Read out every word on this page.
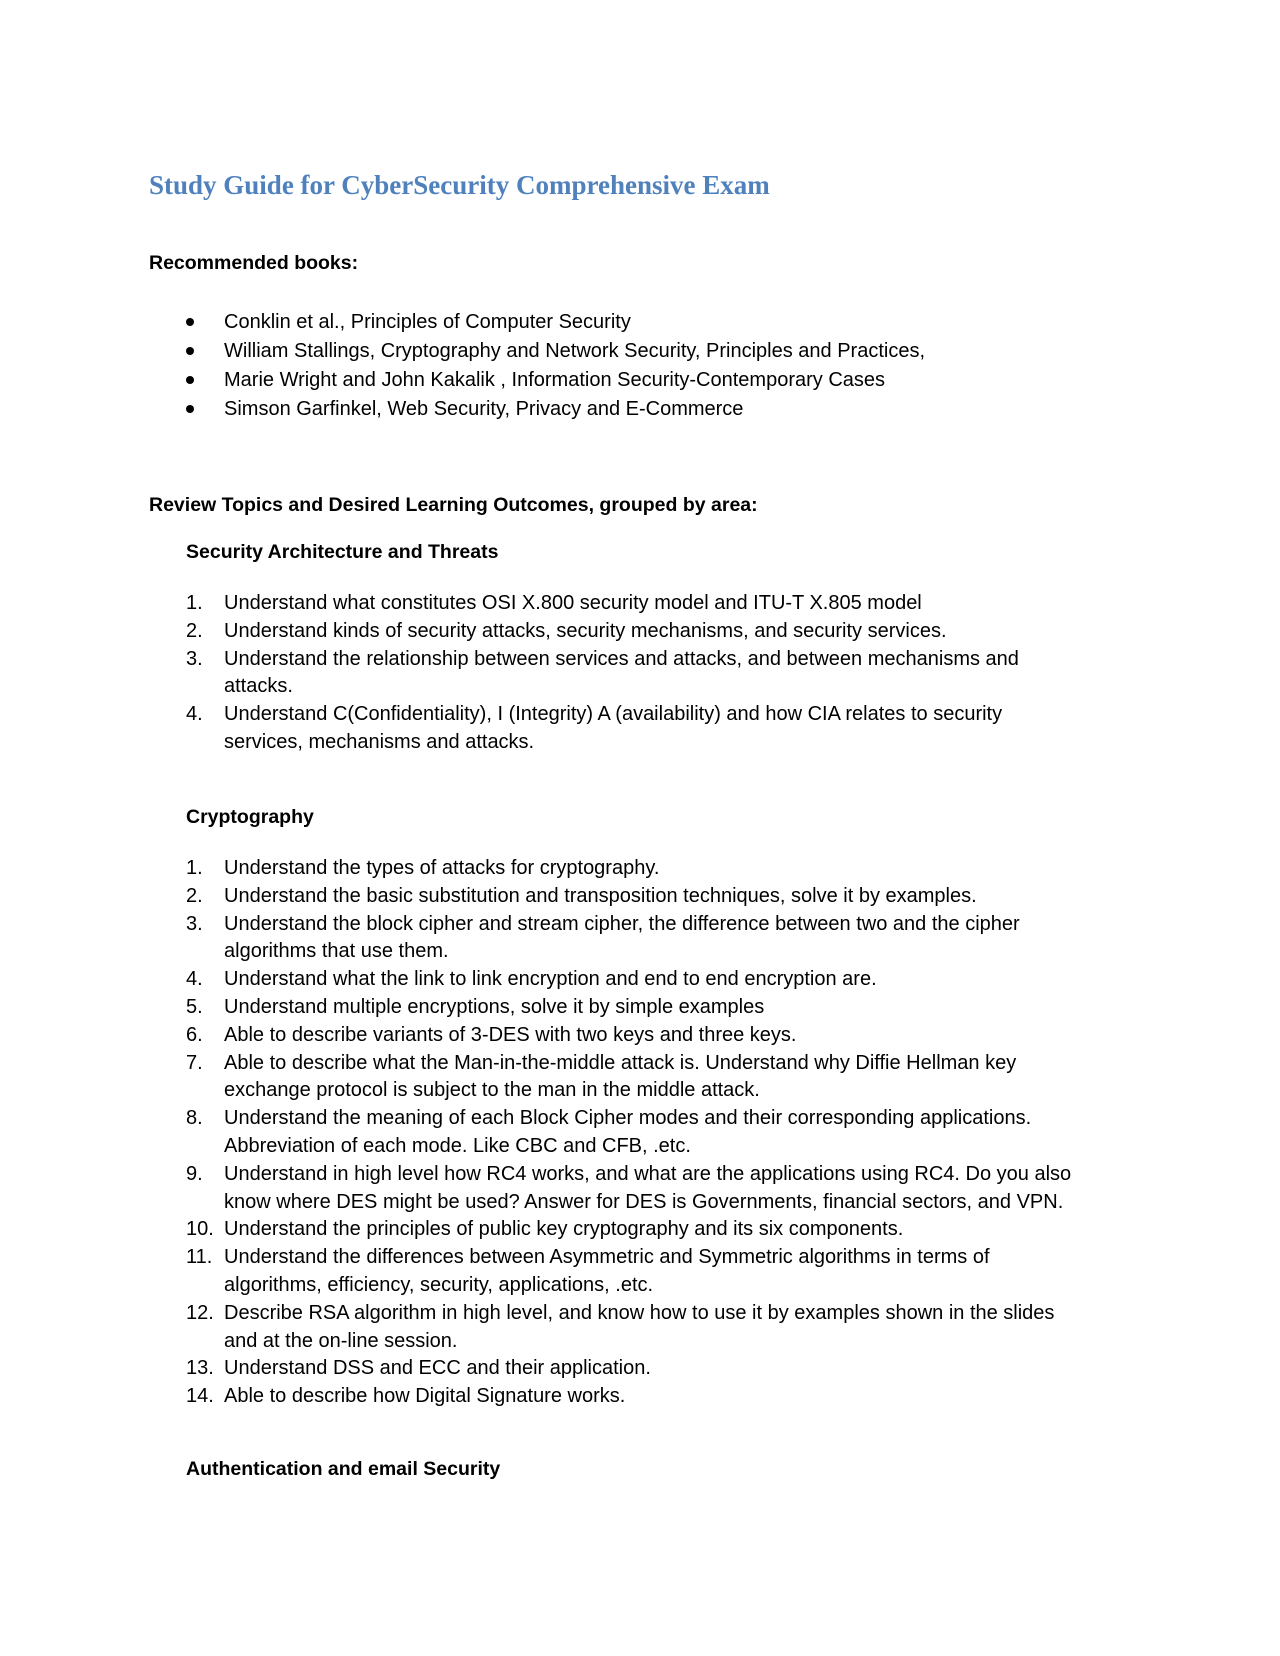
Study Guide for CyberSecurity Comprehensive Exam
Recommended books:
Conklin et al., Principles of Computer Security
William Stallings, Cryptography and Network Security, Principles and Practices,
Marie Wright and John Kakalik , Information Security-Contemporary Cases
Simson Garfinkel, Web Security, Privacy and E-Commerce
Review Topics and Desired Learning Outcomes, grouped by area:
Security Architecture and Threats
1.	Understand what constitutes OSI X.800 security model and ITU-T X.805 model
2.	Understand kinds of security attacks, security mechanisms, and security services.
3.	Understand the relationship between services and attacks, and between mechanisms and
attacks.
4.	Understand C(Confidentiality), I (Integrity) A (availability) and how CIA relates to security
services, mechanisms and attacks.
Cryptography
1.	Understand the types of attacks for cryptography.
2.	Understand the basic substitution and transposition techniques, solve it by examples.
3.	Understand the block cipher and stream cipher, the difference between two and the cipher
algorithms that use them.
4.	Understand what the link to link encryption and end to end encryption are.
5.	Understand multiple encryptions, solve it by simple examples
6.	Able to describe variants of 3-DES with two keys and three keys.
7.	Able to describe what the Man-in-the-middle attack is. Understand why Diffie Hellman key
exchange protocol is subject to the man in the middle attack.
8.	Understand the meaning of each Block Cipher modes and their corresponding applications.
Abbreviation of each mode. Like CBC and CFB, .etc.
9.	Understand in high level how RC4 works, and what are the applications using RC4. Do you also
know where DES might be used? Answer for DES is Governments, financial sectors, and VPN.
10. Understand the principles of public key cryptography and its six components.
11. Understand the differences between Asymmetric and Symmetric algorithms in terms of
algorithms, efficiency, security, applications, .etc.
12. Describe RSA algorithm in high level, and know how to use it by examples shown in the slides
and at the on-line session.
13. Understand DSS and ECC and their application.
14. Able to describe how Digital Signature works.
Authentication and email Security
